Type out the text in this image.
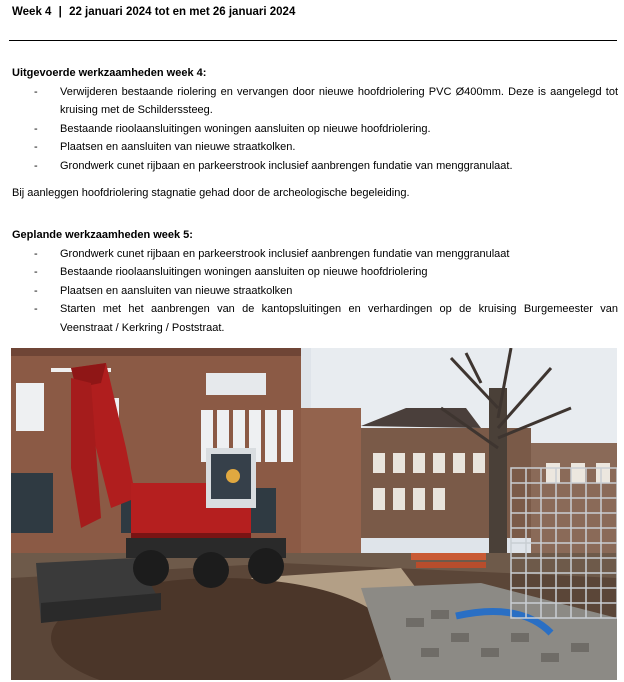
Week 4 | 22 januari 2024 tot en met 26 januari 2024
Uitgevoerde werkzaamheden week 4:
- Verwijderen bestaande riolering en vervangen door nieuwe hoofdriolering PVC Ø400mm. Deze is aangelegd tot kruising met de Schilderssteeg.
- Bestaande rioolaansluitingen woningen aansluiten op nieuwe hoofdriolering.
- Plaatsen en aansluiten van nieuwe straatkolken.
- Grondwerk cunet rijbaan en parkeerstrook inclusief aanbrengen fundatie van menggranulaat.
Bij aanleggen hoofdriolering stagnatie gehad door de archeologische begeleiding.
Geplande werkzaamheden week 5:
- Grondwerk cunet rijbaan en parkeerstrook inclusief aanbrengen fundatie van menggranulaat
- Bestaande rioolaansluitingen woningen aansluiten op nieuwe hoofdriolering
- Plaatsen en aansluiten van nieuwe straatkolken
- Starten met het aanbrengen van de kantopsluitingen en verhardingen op de kruising Burgemeester van Veenstraat / Kerkring / Poststraat.
